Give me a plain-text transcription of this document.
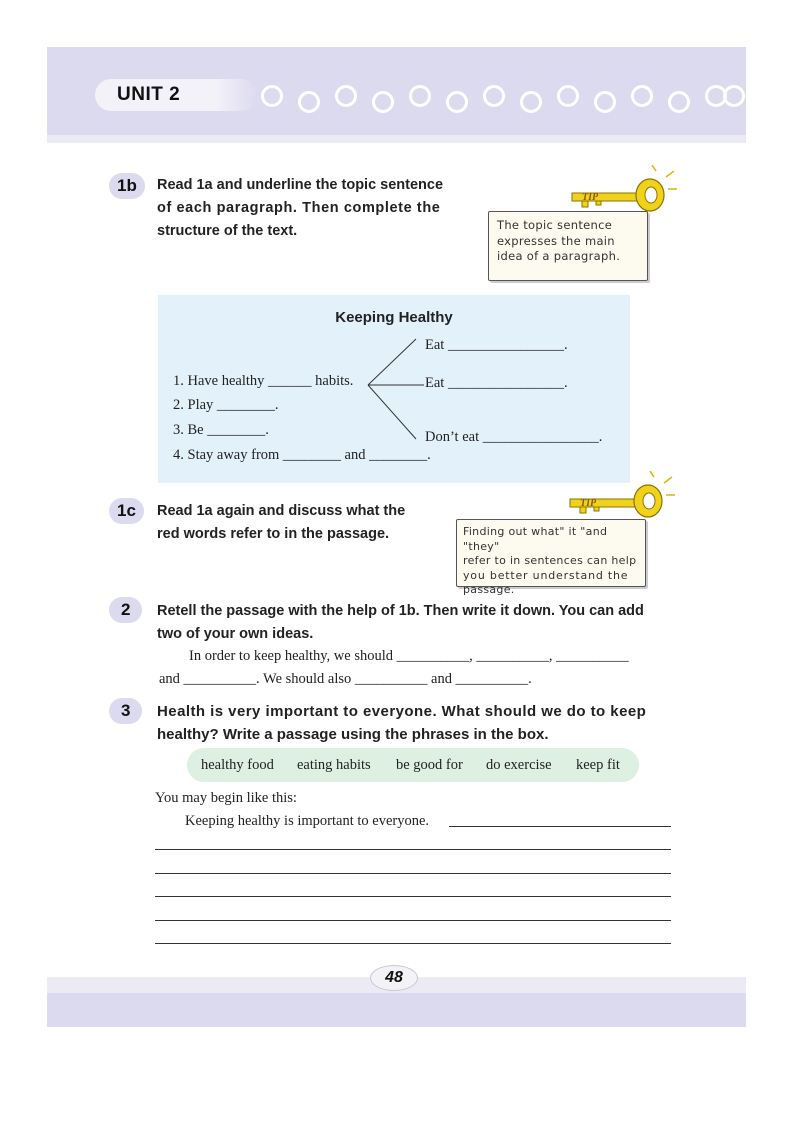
UNIT 2
1b	Read 1a and underline the topic sentence
of each paragraph. Then complete the
structure of the text.	The topic sentence
expresses the main
idea of a paragraph.
TIP
Keeping Healthy
1. Have healthy ______ habits.
2. Play ________.
3. Be ________.
4. Stay away from ________ and ________.
Eat ________________.
Eat ________________.
Don’t eat ________________.
1c	Read 1a again and discuss what the
red words refer to in the passage.	Finding out what" it "and "they"
refer to in sentences can help
you better understand the
passage.
TIP
2	Retell the passage with the help of 1b. Then write it down. You can add
two of your own ideas.
In order to keep healthy, we should __________, __________, __________
and __________. We should also __________ and __________.
3	Health is very important to everyone. What should we do to keep
healthy? Write a passage using the phrases in the box.
healthy food eating habits be good for do exercise keep fit
You may begin like this:
Keeping healthy is important to everyone.
48
